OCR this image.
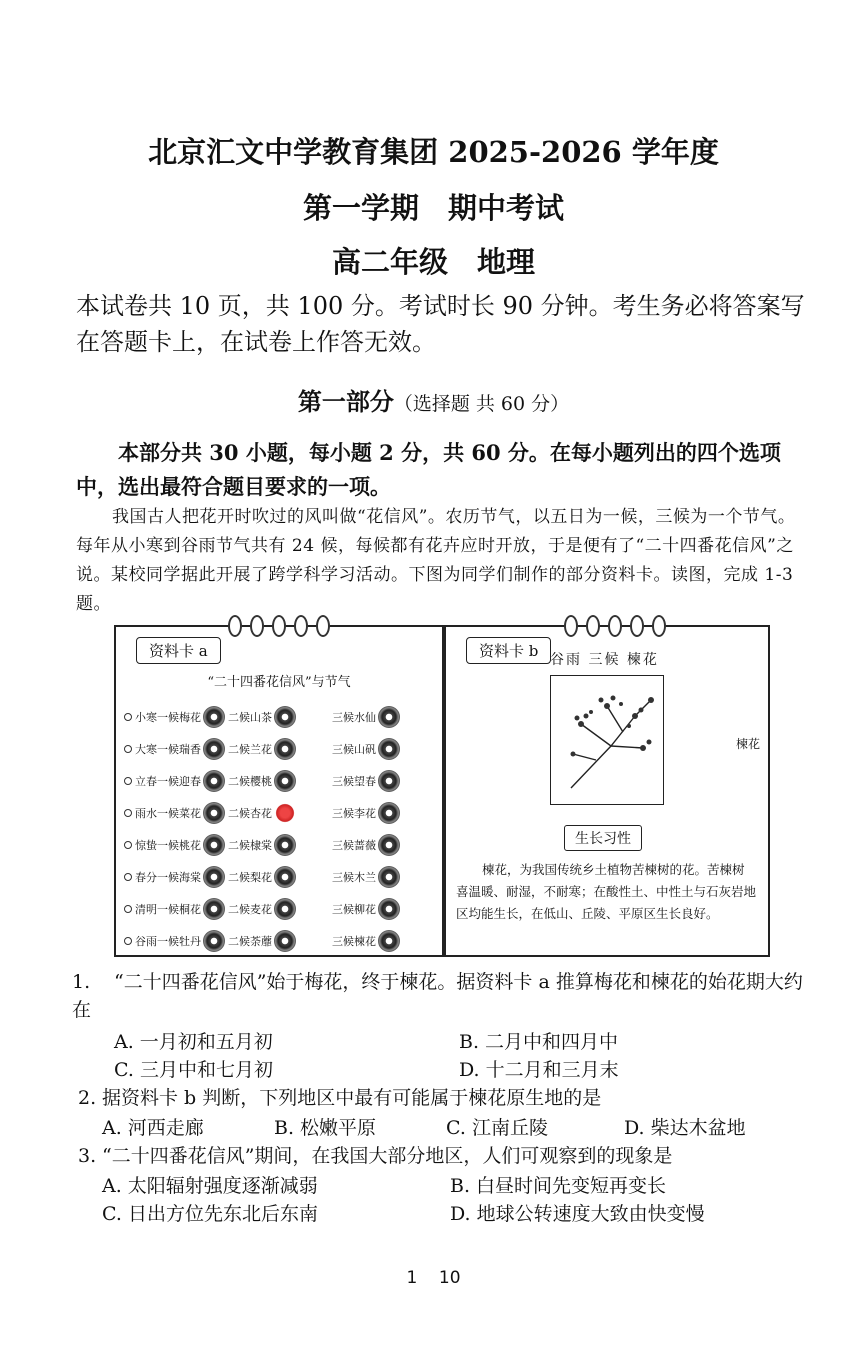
北京汇文中学教育集团 2025-2026 学年度
第一学期　期中考试
高二年级　地理
本试卷共 10 页，共 100 分。考试时长 90 分钟。考生务必将答案写在答题卡上，在试卷上作答无效。
第一部分（选择题 共 60 分）
本部分共 30 小题，每小题 2 分，共 60 分。在每小题列出的四个选项中，选出最符合题目要求的一项。
我国古人把花开时吹过的风叫做“花信风”。农历节气，以五日为一候，三候为一个节气。每年从小寒到谷雨节气共有 24 候，每候都有花卉应时开放，于是便有了“二十四番花信风”之说。某校同学据此开展了跨学科学习活动。下图为同学们制作的部分资料卡。读图，完成 1-3 题。
资料卡 a
“二十四番花信风”与节气
小寒一候梅花 二候山茶	三候水仙
大寒一候瑞香 二候兰花	三候山矾
立春一候迎春 二候樱桃	三候望春
雨水一候菜花 二候杏花	三候李花
惊蛰一候桃花 二候棣棠	三候蔷薇
春分一候海棠 二候梨花	三候木兰
清明一候桐花 二候麦花	三候柳花
谷雨一候牡丹 二候荼蘼	三候楝花
资料卡 b 谷雨 三候 楝花
楝花
生长习性
楝花，为我国传统乡土植物苦楝树的花。苦楝树喜温暖、耐湿，不耐寒；在酸性土、中性土与石灰岩地区均能生长，在低山、丘陵、平原区生长良好。
1. “二十四番花信风”始于梅花，终于楝花。据资料卡 a 推算梅花和楝花的始花期大约在
A. 一月初和五月初	B. 二月中和四月中
C. 三月中和七月初	D. 十二月和三月末
2. 据资料卡 b 判断，下列地区中最有可能属于楝花原生地的是
A. 河西走廊	B. 松嫩平原	C. 江南丘陵	D. 柴达木盆地
3. “二十四番花信风”期间，在我国大部分地区，人们可观察到的现象是
A. 太阳辐射强度逐渐减弱	B. 白昼时间先变短再变长
C. 日出方位先东北后东南	D. 地球公转速度大致由快变慢
1 10
